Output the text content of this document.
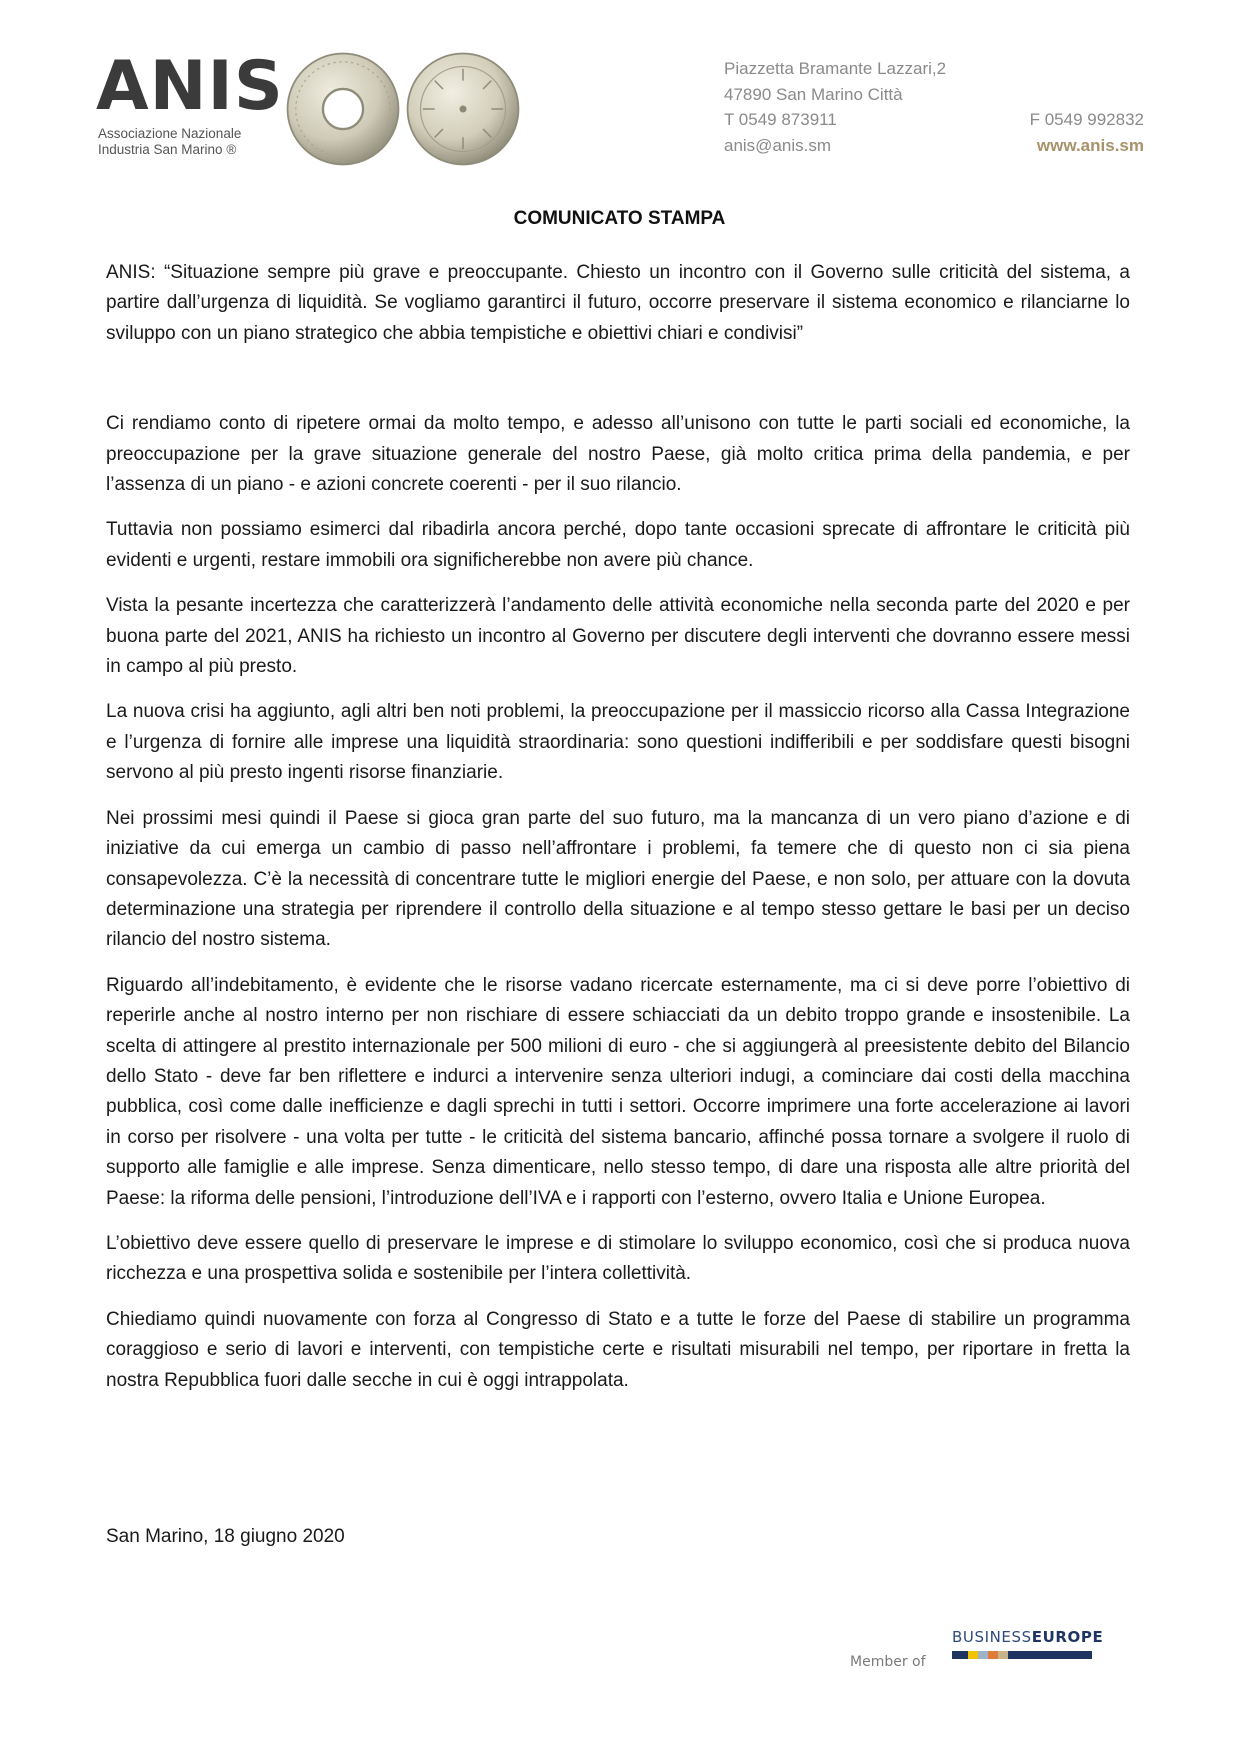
ANIS
Associazione Nazionale
Industria San Marino ®
Piazzetta Bramante Lazzari,2
47890 San Marino Città
T 0549 873911	F 0549 992832
anis@anis.sm	www.anis.sm
COMUNICATO STAMPA

ANIS: “Situazione sempre più grave e preoccupante. Chiesto un incontro con il Governo sulle criticità del sistema, a partire dall’urgenza di liquidità. Se vogliamo garantirci il futuro, occorre preservare il sistema economico e rilanciarne lo sviluppo con un piano strategico che abbia tempistiche e obiettivi chiari e condivisi”

Ci rendiamo conto di ripetere ormai da molto tempo, e adesso all’unisono con tutte le parti sociali ed economiche, la preoccupazione per la grave situazione generale del nostro Paese, già molto critica prima della pandemia, e per l’assenza di un piano - e azioni concrete coerenti - per il suo rilancio.

Tuttavia non possiamo esimerci dal ribadirla ancora perché, dopo tante occasioni sprecate di affrontare le criticità più evidenti e urgenti, restare immobili ora significherebbe non avere più chance.

Vista la pesante incertezza che caratterizzerà l’andamento delle attività economiche nella seconda parte del 2020 e per buona parte del 2021, ANIS ha richiesto un incontro al Governo per discutere degli interventi che dovranno essere messi in campo al più presto.

La nuova crisi ha aggiunto, agli altri ben noti problemi, la preoccupazione per il massiccio ricorso alla Cassa Integrazione e l’urgenza di fornire alle imprese una liquidità straordinaria: sono questioni indifferibili e per soddisfare questi bisogni servono al più presto ingenti risorse finanziarie.

Nei prossimi mesi quindi il Paese si gioca gran parte del suo futuro, ma la mancanza di un vero piano d’azione e di iniziative da cui emerga un cambio di passo nell’affrontare i problemi, fa temere che di questo non ci sia piena consapevolezza. C’è la necessità di concentrare tutte le migliori energie del Paese, e non solo, per attuare con la dovuta determinazione una strategia per riprendere il controllo della situazione e al tempo stesso gettare le basi per un deciso rilancio del nostro sistema.

Riguardo all’indebitamento, è evidente che le risorse vadano ricercate esternamente, ma ci si deve porre l’obiettivo di reperirle anche al nostro interno per non rischiare di essere schiacciati da un debito troppo grande e insostenibile. La scelta di attingere al prestito internazionale per 500 milioni di euro - che si aggiungerà al preesistente debito del Bilancio dello Stato - deve far ben riflettere e indurci a intervenire senza ulteriori indugi, a cominciare dai costi della macchina pubblica, così come dalle inefficienze e dagli sprechi in tutti i settori. Occorre imprimere una forte accelerazione ai lavori in corso per risolvere - una volta per tutte - le criticità del sistema bancario, affinché possa tornare a svolgere il ruolo di supporto alle famiglie e alle imprese. Senza dimenticare, nello stesso tempo, di dare una risposta alle altre priorità del Paese: la riforma delle pensioni, l’introduzione dell’IVA e i rapporti con l’esterno, ovvero Italia e Unione Europea.

L’obiettivo deve essere quello di preservare le imprese e di stimolare lo sviluppo economico, così che si produca nuova ricchezza e una prospettiva solida e sostenibile per l’intera collettività.

Chiediamo quindi nuovamente con forza al Congresso di Stato e a tutte le forze del Paese di stabilire un programma coraggioso e serio di lavori e interventi, con tempistiche certe e risultati misurabili nel tempo, per riportare in fretta la nostra Repubblica fuori dalle secche in cui è oggi intrappolata.

San Marino, 18 giugno 2020
Member of
BUSINESSEUROPE
